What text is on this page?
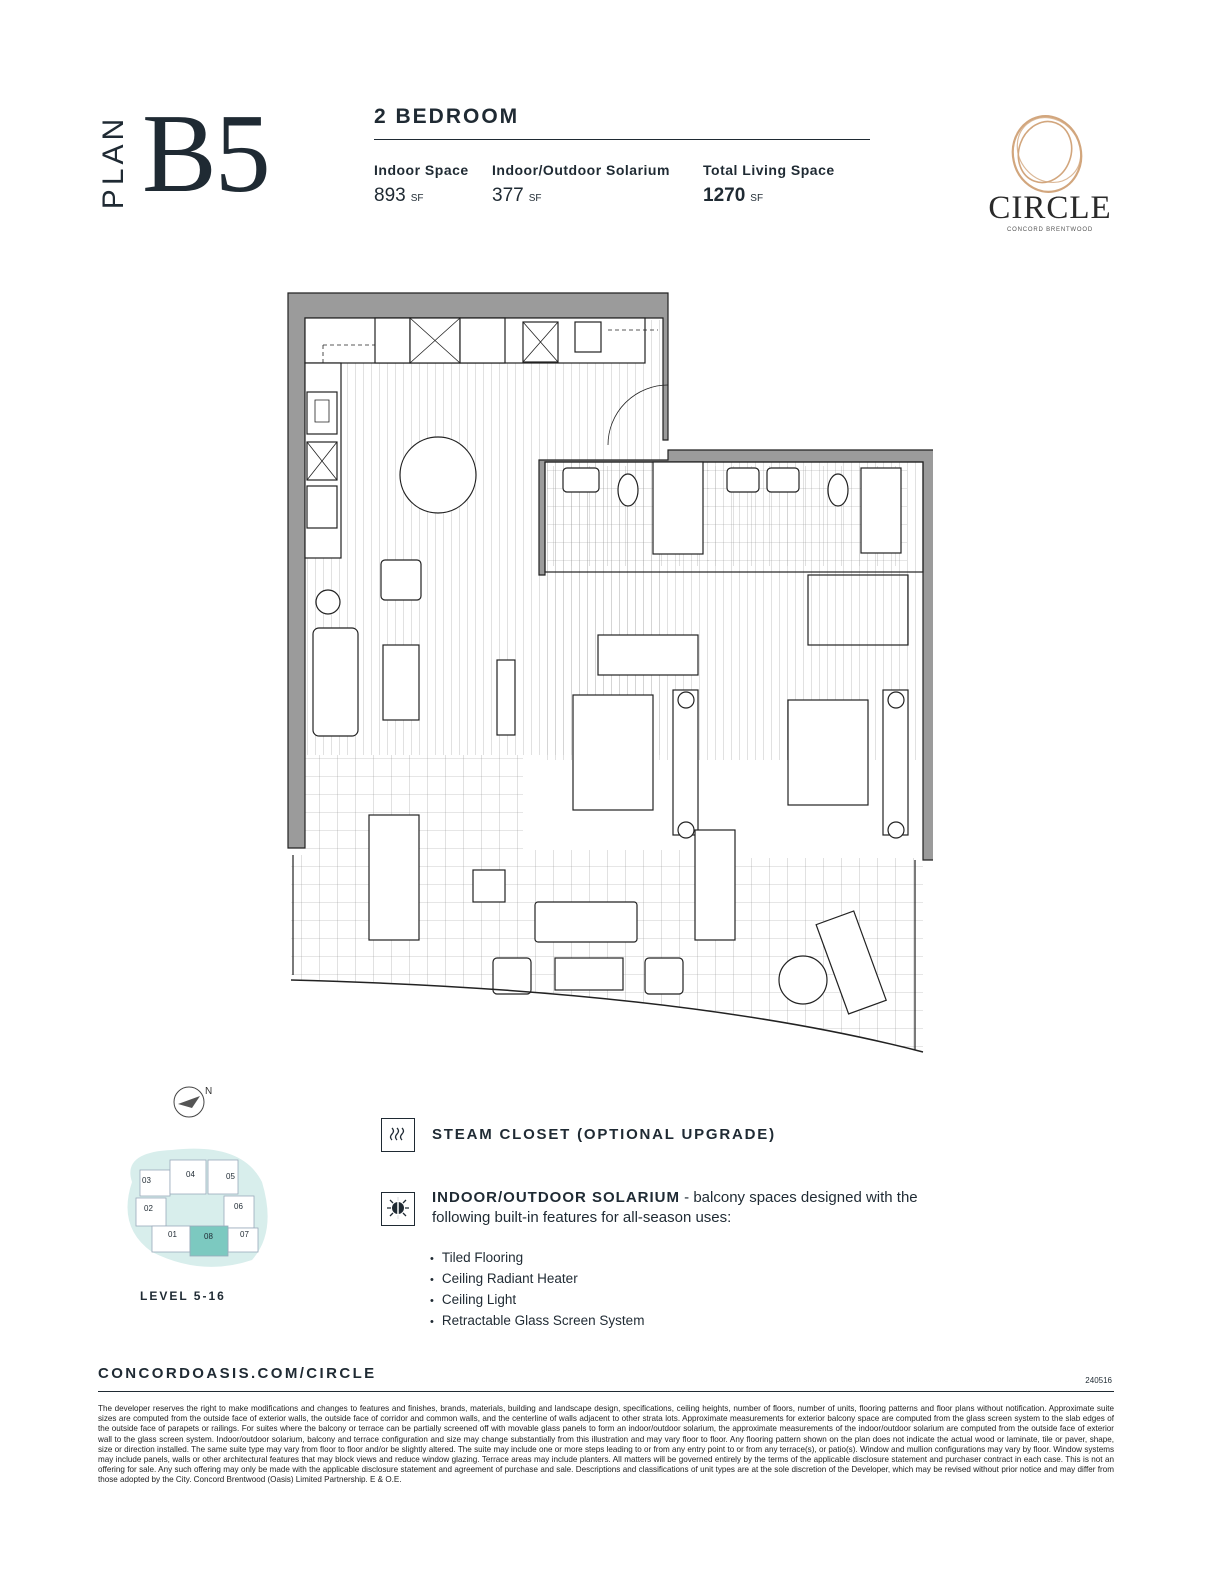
PLAN B5	2 BEDROOM
Indoor Space
893 SF
Indoor/Outdoor Solarium
377 SF
Total Living Space
1270 SF	CIRCLE
CONCORD BRENTWOOD
N
03
04	05
02	06
01	08	07
LEVEL 5-16
STEAM CLOSET (OPTIONAL UPGRADE)
INDOOR/OUTDOOR SOLARIUM - balcony spaces designed with the following built-in features for all-season uses:
• Tiled Flooring
• Ceiling Radiant Heater
• Ceiling Light
• Retractable Glass Screen System
CONCORDOASIS.COM/CIRCLE	240516
The developer reserves the right to make modifications and changes to features and finishes, brands, materials, building and landscape design, specifications, ceiling heights, number of floors, number of units, flooring patterns and floor plans without notification. Approximate suite sizes are computed from the outside face of exterior walls, the outside face of corridor and common walls, and the centerline of walls adjacent to other strata lots. Approximate measurements for exterior balcony space are computed from the glass screen system to the slab edges of the outside face of parapets or railings. For suites where the balcony or terrace can be partially screened off with movable glass panels to form an indoor/outdoor solarium, the approximate measurements of the indoor/outdoor solarium are computed from the outside face of exterior wall to the glass screen system. Indoor/outdoor solarium, balcony and terrace configuration and size may change substantially from this illustration and may vary floor to floor. Any flooring pattern shown on the plan does not indicate the actual wood or laminate, tile or paver, shape, size or direction installed. The same suite type may vary from floor to floor and/or be slightly altered. The suite may include one or more steps leading to or from any entry point to or from any terrace(s), or patio(s). Window and mullion configurations may vary by floor. Window systems may include panels, walls or other architectural features that may block views and reduce window glazing. Terrace areas may include planters. All matters will be governed entirely by the terms of the applicable disclosure statement and purchaser contract in each case. This is not an offering for sale. Any such offering may only be made with the applicable disclosure statement and agreement of purchase and sale. Descriptions and classifications of unit types are at the sole discretion of the Developer, which may be revised without prior notice and may differ from those adopted by the City. Concord Brentwood (Oasis) Limited Partnership. E & O.E.
